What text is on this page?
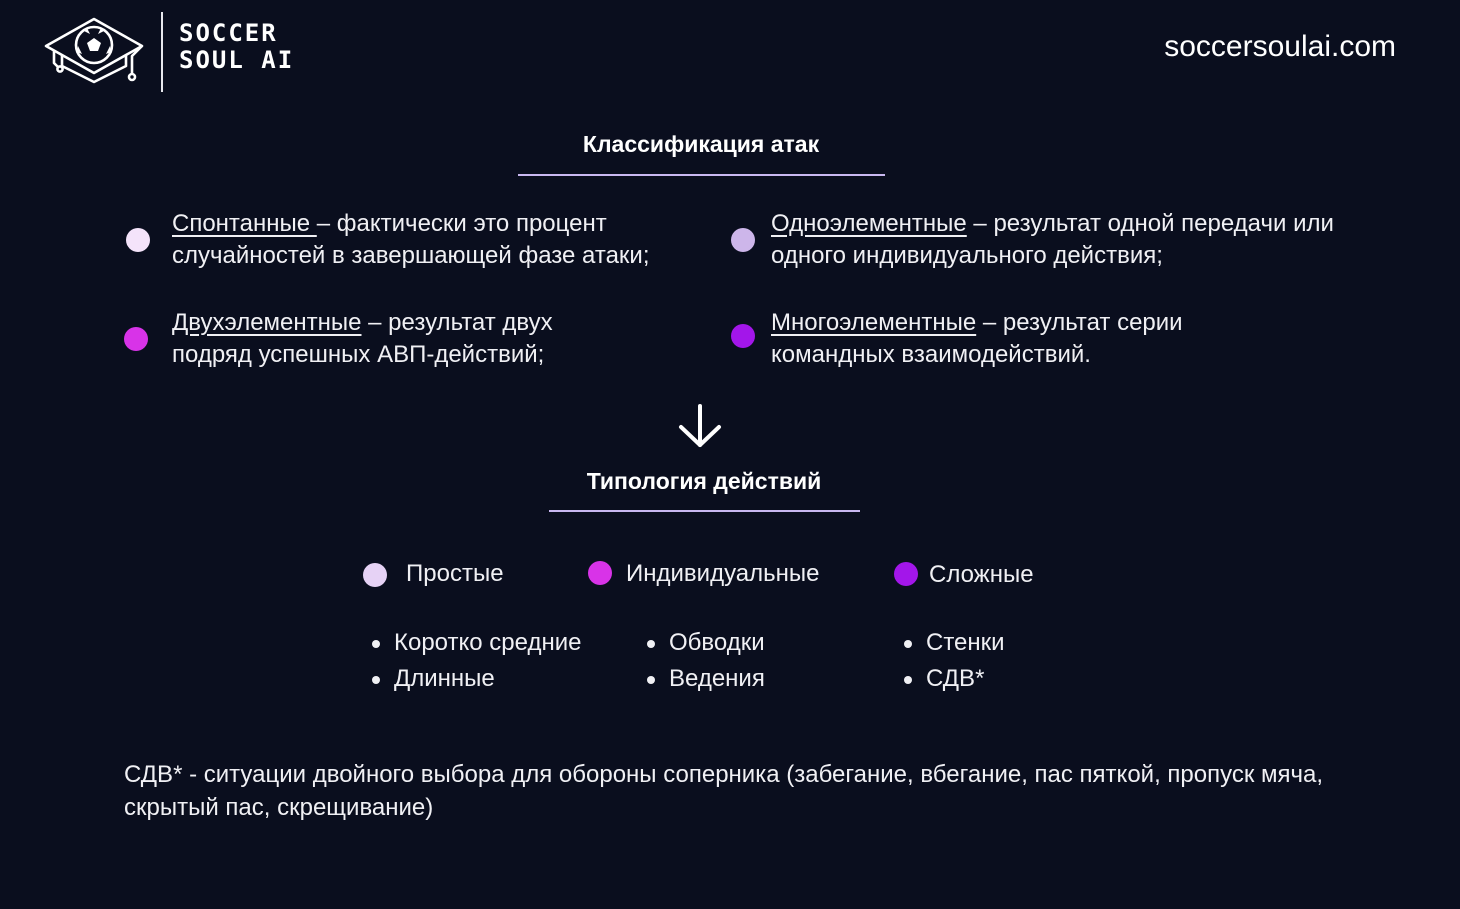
SOCCER
SOUL AI	soccersoulai.com
Классификация атак
Спонтанные – фактически это процент случайностей в завершающей фазе атаки;
Одноэлементные – результат одной передачи или одного индивидуального действия;
Двухэлементные – результат двух подряд успешных АВП-действий;
Многоэлементные – результат серии командных взаимодействий.
Типология действий
Простые
Коротко средние
Длинные
Индивидуальные
Обводки
Ведения
Сложные
Стенки
СДВ*
СДВ* - ситуации двойного выбора для обороны соперника (забегание, вбегание, пас пяткой, пропуск мяча, скрытый пас, скрещивание)
